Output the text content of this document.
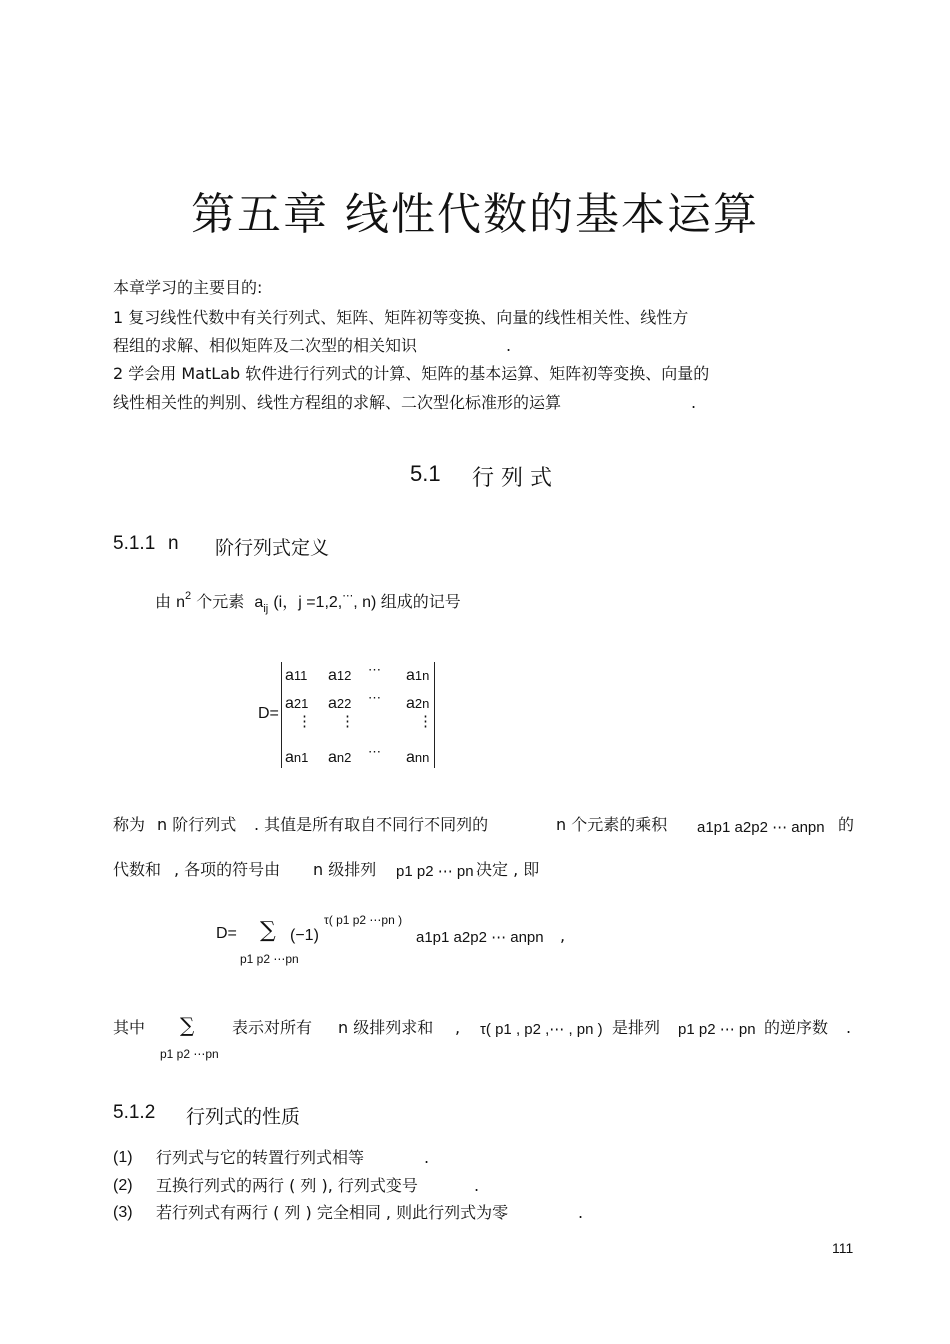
第五章 线性代数的基本运算
本章学习的主要目的:
1 复习线性代数中有关行列式、矩阵、矩阵初等变换、向量的线性相关性、线性方
程组的求解、相似矩阵及二次型的相关知识	.
2 学会用 MatLab 软件进行行列式的计算、矩阵的基本运算、矩阵初等变换、向量的
线性相关性的判别、线性方程组的求解、二次型化标准形的运算	.
5.1 行 列 式
5.1.1 n 阶行列式定义
由 $n^2$ 个元素 $a_{ij}$ (i，j =1,2,⋯, n) 组成的记号
D=
a11 a12 ⋯ a1n
a21 a22 ⋯ a2n
⋮ ⋮	⋮
an1 an2 ⋯ ann
称为 n 阶行列式 . 其值是所有取自不同行不同列的	n 个元素的乘积 a1p1 a2p2 ⋯ anpn 的
代数和 , 各项的符号由 n 级排列 p1 p2 ⋯ pn 决定 , 即
D= ∑ (−1)
τ( p1 p2 ⋯pn )
a1p1 a2p2 ⋯ anpn ,
p1 p2 ⋯pn
其中 ∑ 表示对所有 n 级排列求和 , τ( p1 , p2 ,⋯ , pn ) 是排列 p1 p2 ⋯ pn 的逆序数 .
p1 p2 ⋯pn
5.1.2 行列式的性质
(1) 行列式与它的转置行列式相等	.
(2) 互换行列式的两行 ( 列 ), 行列式变号	.
(3) 若行列式有两行 ( 列 ) 完全相同 , 则此行列式为零	.
111
